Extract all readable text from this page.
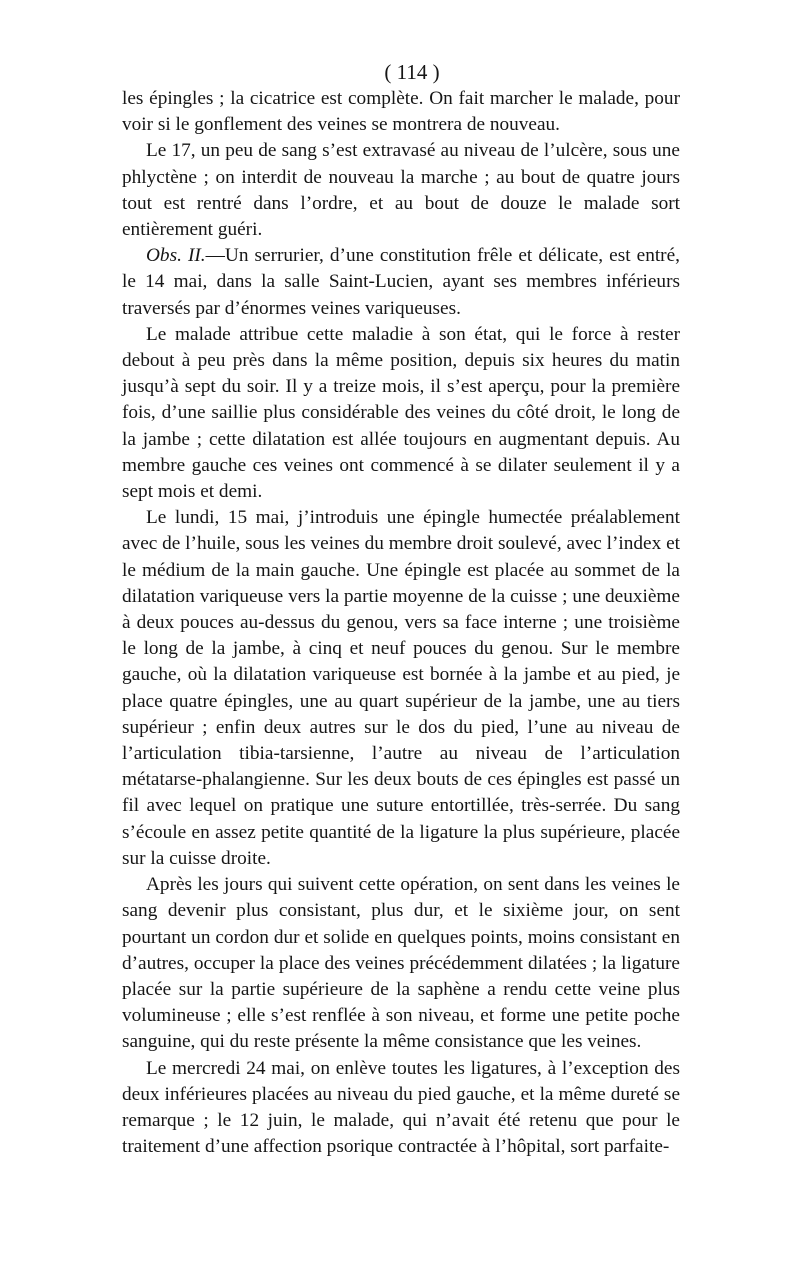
( 114 )

les épingles ; la cicatrice est complète. On fait marcher le malade, pour voir si le gonflement des veines se montrera de nouveau.

Le 17, un peu de sang s’est extravasé au niveau de l’ulcère, sous une phlyctène ; on interdit de nouveau la marche ; au bout de quatre jours tout est rentré dans l’ordre, et au bout de douze le malade sort entièrement guéri.

Obs. II.—Un serrurier, d’une constitution frêle et délicate, est entré, le 14 mai, dans la salle Saint-Lucien, ayant ses membres inférieurs traversés par d’énormes veines variqueuses.

Le malade attribue cette maladie à son état, qui le force à rester debout à peu près dans la même position, depuis six heures du matin jusqu’à sept du soir. Il y a treize mois, il s’est aperçu, pour la première fois, d’une saillie plus considérable des veines du côté droit, le long de la jambe ; cette dilatation est allée toujours en augmentant depuis. Au membre gauche ces veines ont commencé à se dilater seulement il y a sept mois et demi.

Le lundi, 15 mai, j’introduis une épingle humectée préalablement avec de l’huile, sous les veines du membre droit soulevé, avec l’index et le médium de la main gauche. Une épingle est placée au sommet de la dilatation variqueuse vers la partie moyenne de la cuisse ; une deuxième à deux pouces au-dessus du genou, vers sa face interne ; une troisième le long de la jambe, à cinq et neuf pouces du genou. Sur le membre gauche, où la dilatation variqueuse est bornée à la jambe et au pied, je place quatre épingles, une au quart supérieur de la jambe, une au tiers supérieur ; enfin deux autres sur le dos du pied, l’une au niveau de l’articulation tibia-tarsienne, l’autre au niveau de l’articulation métatarse-phalangienne. Sur les deux bouts de ces épingles est passé un fil avec lequel on pratique une suture entortillée, très-serrée. Du sang s’écoule en assez petite quantité de la ligature la plus supérieure, placée sur la cuisse droite.

Après les jours qui suivent cette opération, on sent dans les veines le sang devenir plus consistant, plus dur, et le sixième jour, on sent pourtant un cordon dur et solide en quelques points, moins consistant en d’autres, occuper la place des veines précédemment dilatées ; la ligature placée sur la partie supérieure de la saphène a rendu cette veine plus volumineuse ; elle s’est renflée à son niveau, et forme une petite poche sanguine, qui du reste présente la même consistance que les veines.

Le mercredi 24 mai, on enlève toutes les ligatures, à l’exception des deux inférieures placées au niveau du pied gauche, et la même dureté se remarque ; le 12 juin, le malade, qui n’avait été retenu que pour le traitement d’une affection psorique contractée à l’hôpital, sort parfaite-
